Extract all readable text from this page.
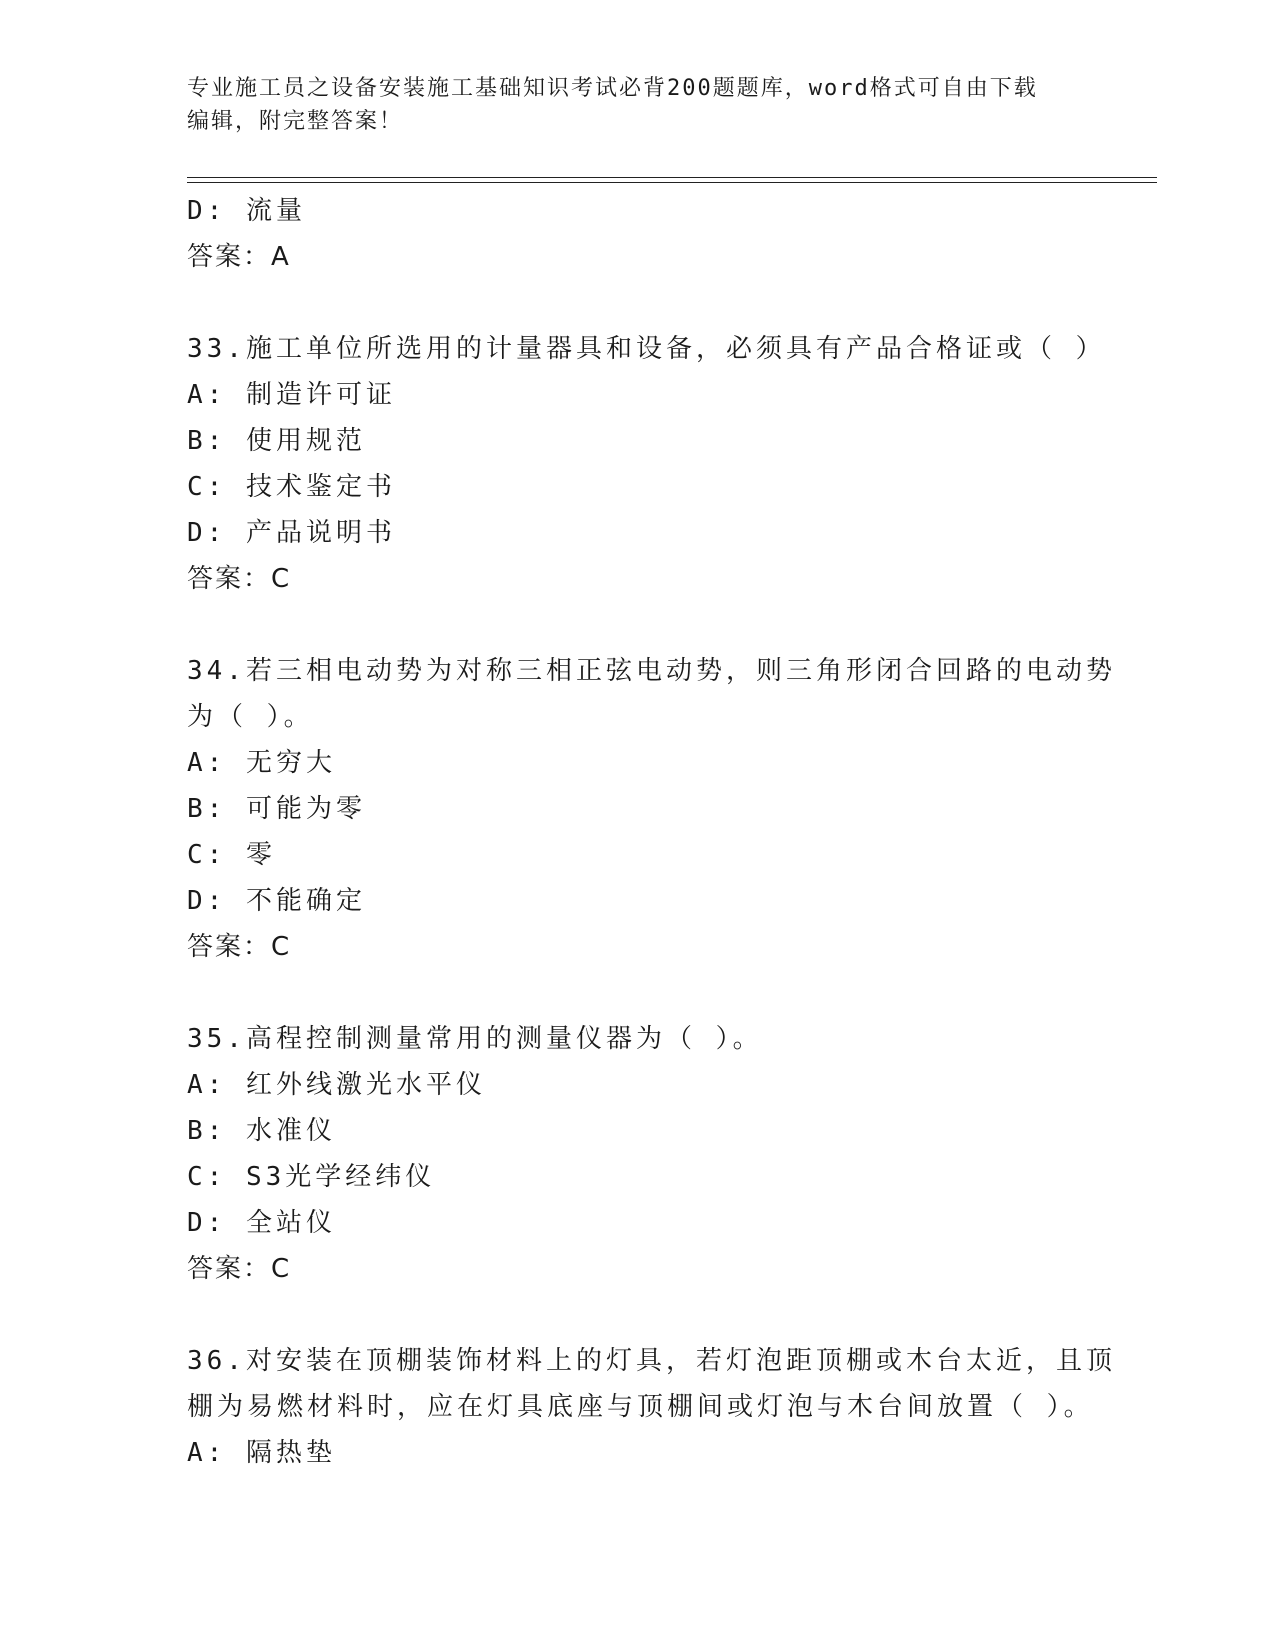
专业施工员之设备安装施工基础知识考试必背200题题库，word格式可自由下载
编辑，附完整答案！
D: 流量
答案：A
33.施工单位所选用的计量器具和设备，必须具有产品合格证或（ ）
A: 制造许可证
B: 使用规范
C: 技术鉴定书
D: 产品说明书
答案：C
34.若三相电动势为对称三相正弦电动势，则三角形闭合回路的电动势
为（ ）。
A: 无穷大
B: 可能为零
C: 零
D: 不能确定
答案：C
35.高程控制测量常用的测量仪器为（ ）。
A: 红外线激光水平仪
B: 水准仪
C: S3光学经纬仪
D: 全站仪
答案：C
36.对安装在顶棚装饰材料上的灯具，若灯泡距顶棚或木台太近，且顶
棚为易燃材料时，应在灯具底座与顶棚间或灯泡与木台间放置（ ）。
A: 隔热垫
